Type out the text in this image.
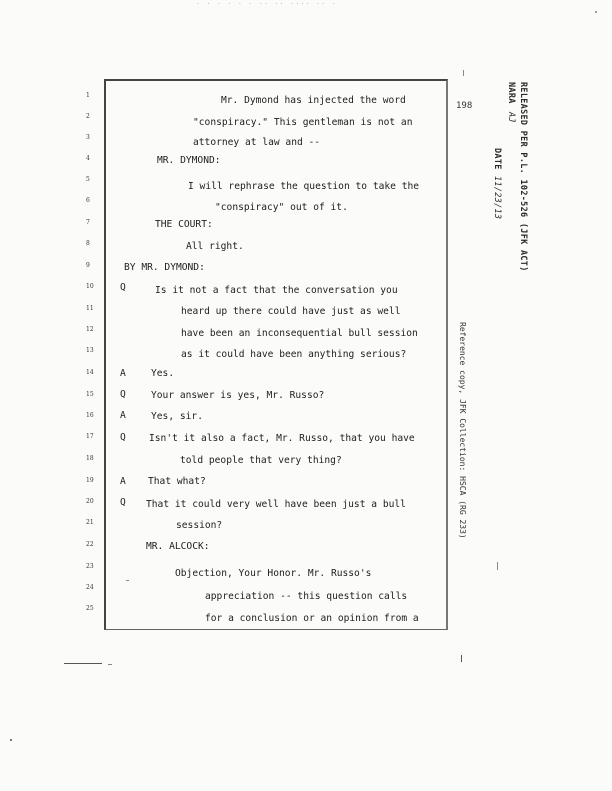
· · · · · · ·· ·· ···· ·· ·
1
2
3
4
5
6
7
8
9
10
11
12
13
14
15
16
17
18
19
20
21
22
23
24
25
Q
A
Q
A
Q
A
Q
Mr. Dymond has injected the word
"conspiracy." This gentleman is not an
attorney at law and --
MR. DYMOND:
I will rephrase the question to take the
"conspiracy" out of it.
THE COURT:
All right.
BY MR. DYMOND:
Is it not a fact that the conversation you
heard up there could have just as well
have been an inconsequential bull session
as it could have been anything serious?
Yes.
Your answer is yes, Mr. Russo?
Yes, sir.
Isn't it also a fact, Mr. Russo, that you have
told people that very thing?
That what?
That it could very well have been just a bull
session?
MR. ALCOCK:
Objection, Your Honor. Mr. Russo's
appreciation -- this question calls
for a conclusion or an opinion from a
198	RELEASED PER P.L. 102-526 (JFK ACT)
NARA
AJ
DATE
11/23/13
Reference copy, JFK Collection: HSCA (RG 233)
